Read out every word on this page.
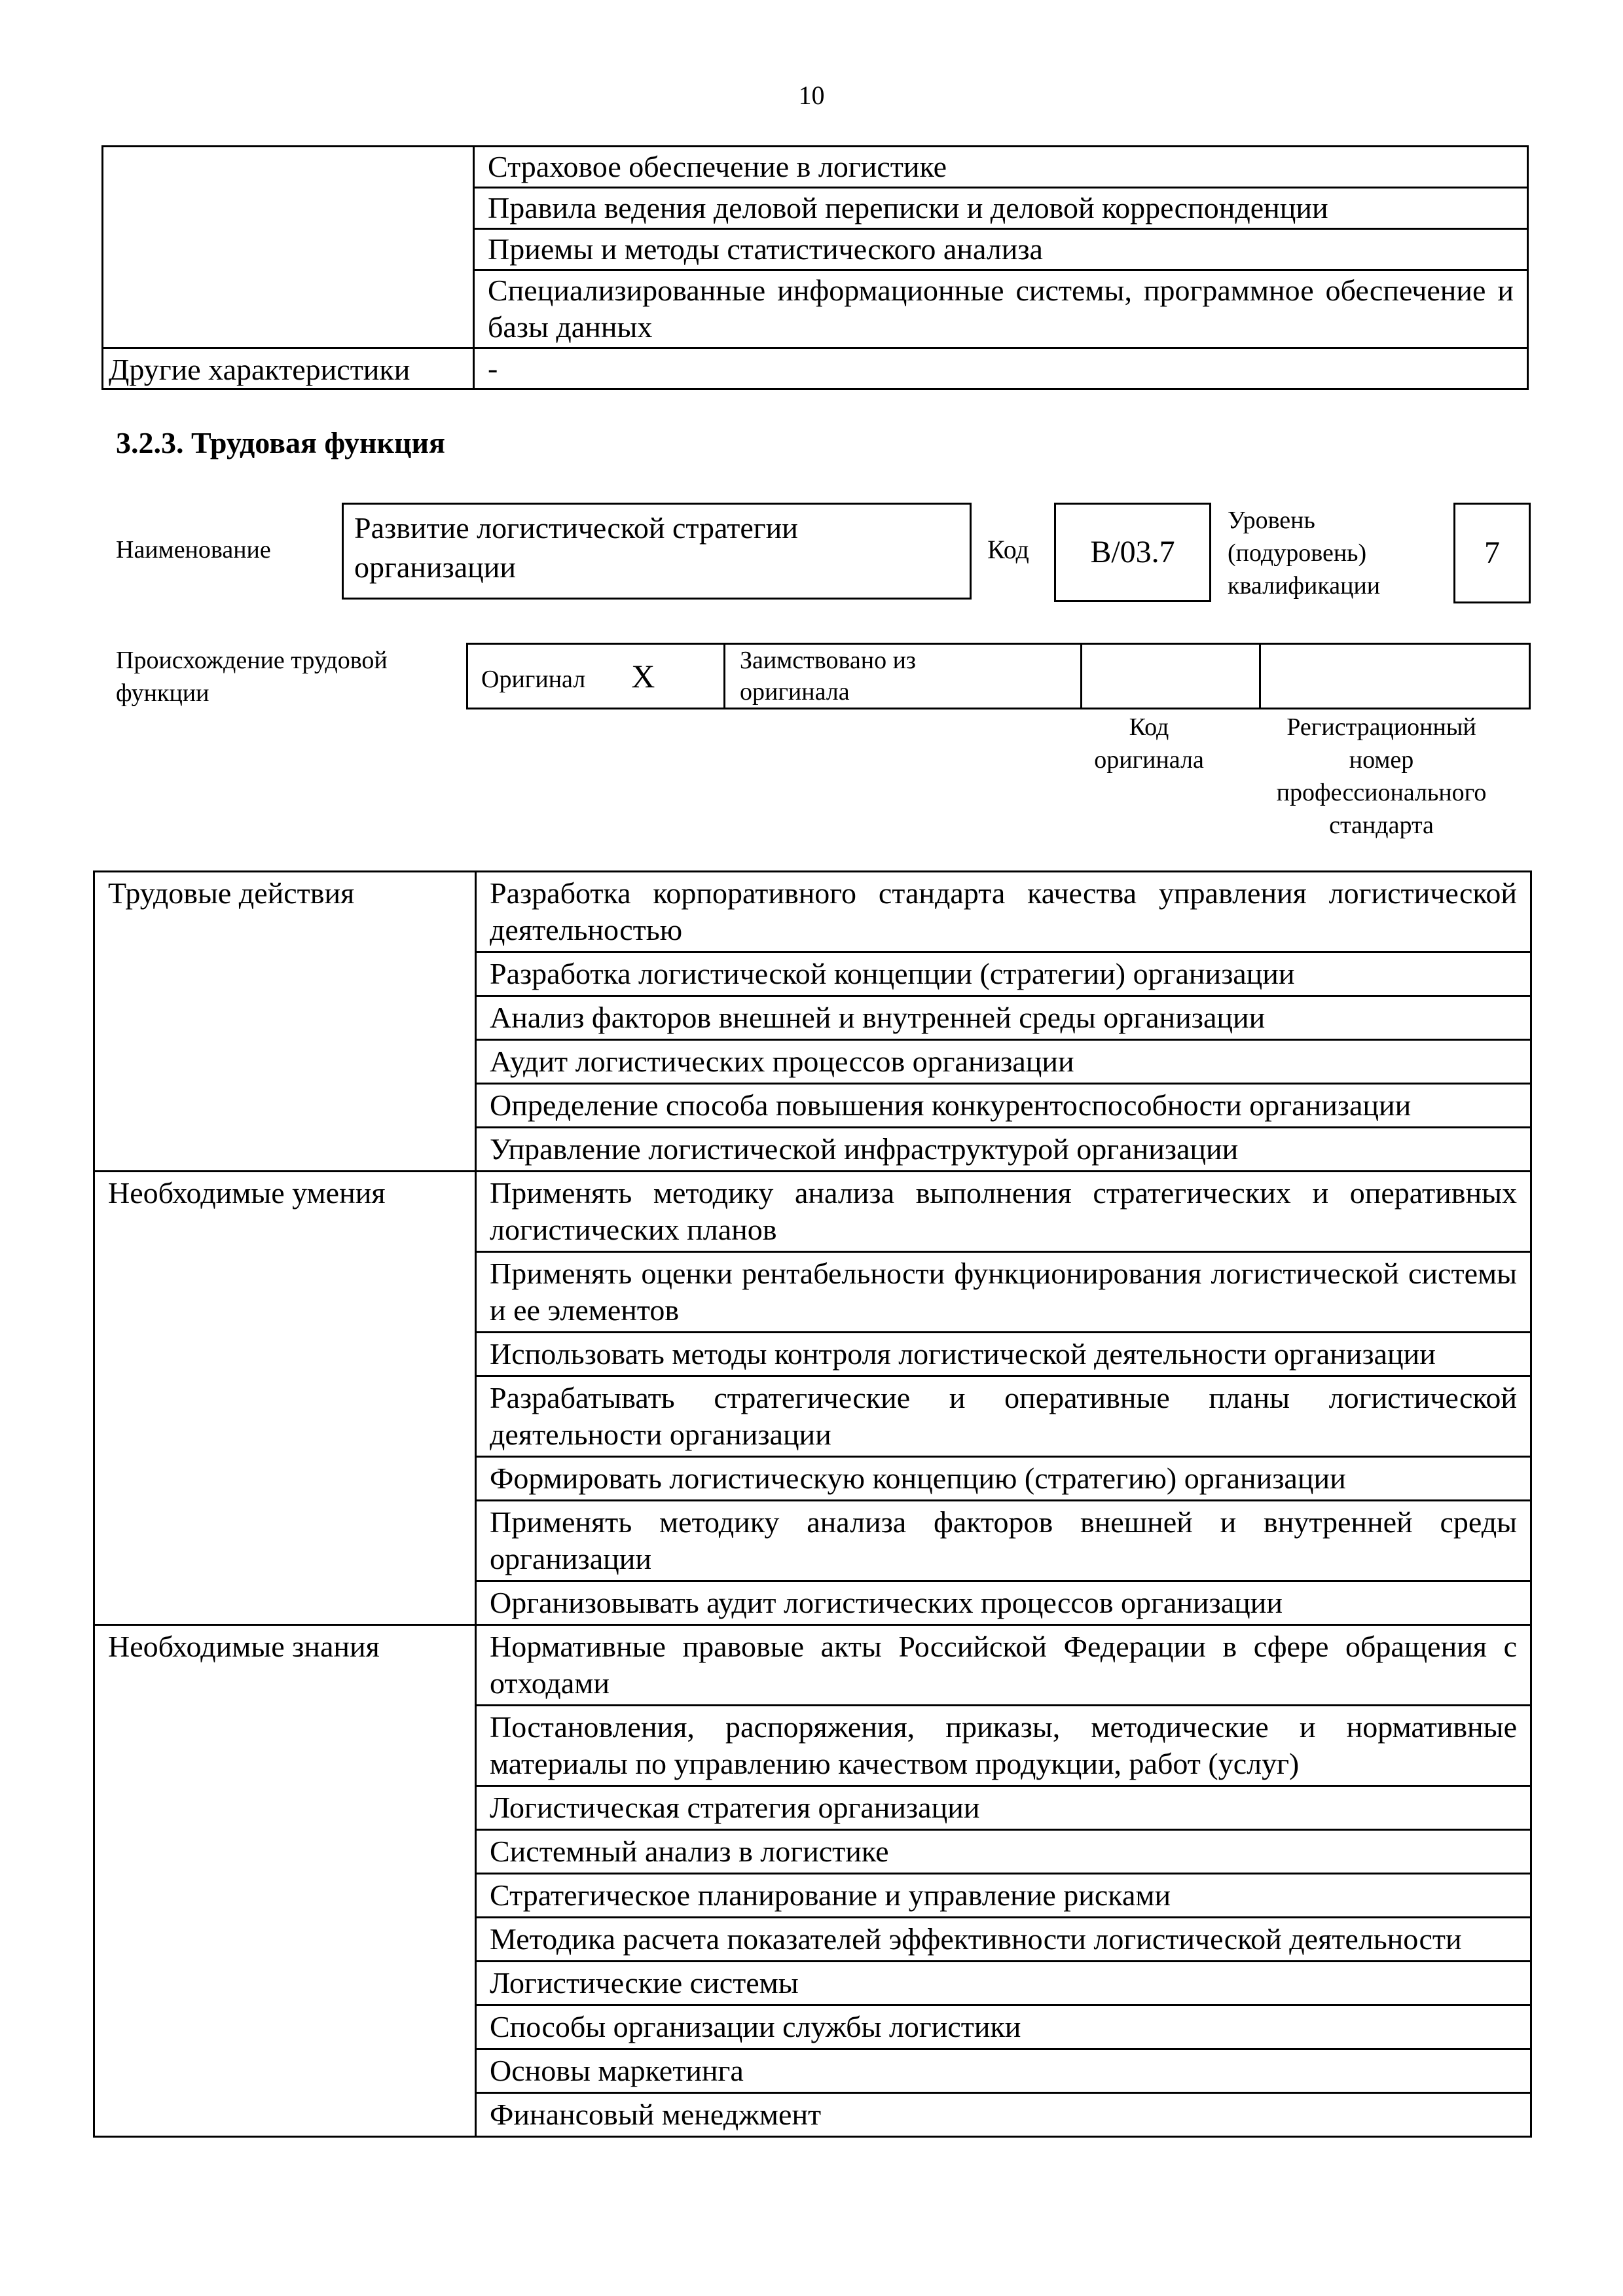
10
	Страховое обеспечение в логистике
	Правила ведения деловой переписки и деловой корреспонденции
	Приемы и методы статистического анализа
	Специализированные информационные системы, программное обеспечение и базы данных
Другие характеристики	-
3.2.3. Трудовая функция
Наименование
Развитие логистической стратегии организации
Код	B/03.7
Уровень
(подуровень)
квалификации
7
Происхождение трудовой
функции	Оригинал X	Заимствовано из
оригинала

Код
оригинала
Регистрационный
номер
профессионального
стандарта
Трудовые действия	Разработка корпоративного стандарта качества управления логистической деятельностью
	Разработка логистической концепции (стратегии) организации
	Анализ факторов внешней и внутренней среды организации
	Аудит логистических процессов организации
	Определение способа повышения конкурентоспособности организации
	Управление логистической инфраструктурой организации
Необходимые умения	Применять методику анализа выполнения стратегических и оперативных логистических планов
	Применять оценки рентабельности функционирования логистической системы и ее элементов
	Использовать методы контроля логистической деятельности организации
	Разрабатывать стратегические и оперативные планы логистической деятельности организации
	Формировать логистическую концепцию (стратегию) организации
	Применять методику анализа факторов внешней и внутренней среды организации
	Организовывать аудит логистических процессов организации
Необходимые знания	Нормативные правовые акты Российской Федерации в сфере обращения с отходами
	Постановления, распоряжения, приказы, методические и нормативные материалы по управлению качеством продукции, работ (услуг)
	Логистическая стратегия организации
	Системный анализ в логистике
	Стратегическое планирование и управление рисками
	Методика расчета показателей эффективности логистической деятельности
	Логистические системы
	Способы организации службы логистики
	Основы маркетинга
	Финансовый менеджмент
